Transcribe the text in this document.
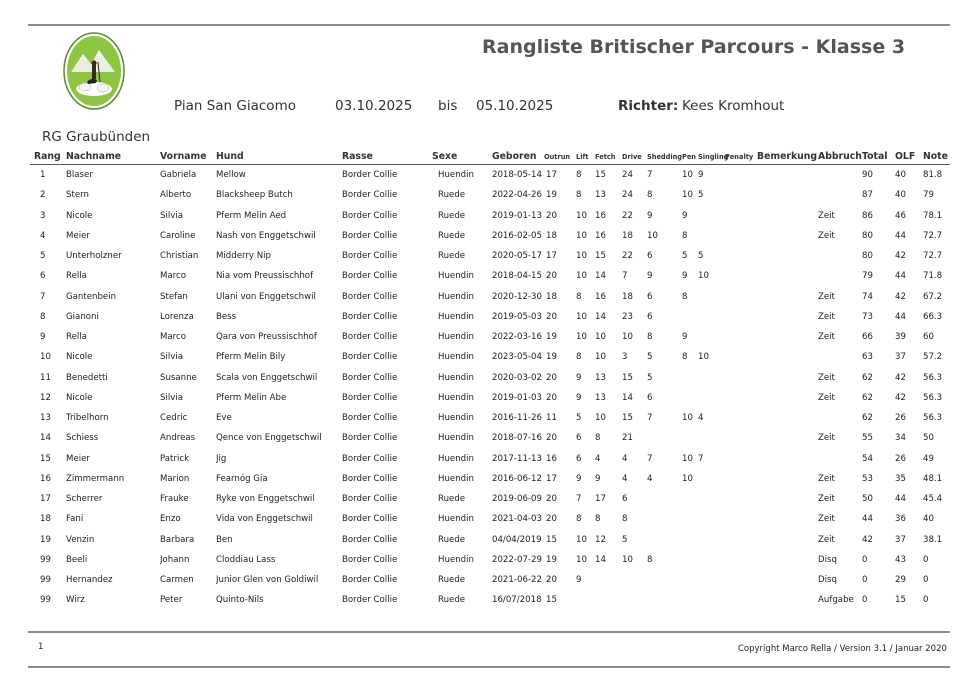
Rangliste Britischer Parcours - Klasse 3
Pian San Giacomo	03.10.2025 bis 05.10.2025	Richter: Kees Kromhout
RG Graubünden
Rang	Nachname	Vorname	Hund	Rasse	Sexe	Geboren	Outrun	Lift	Fetch	Drive	Shedding	Pen	Singling	Penalty	Bemerkung	Abbruch	Total	OLF	Note
1	Blaser	Gabriela	Mellow	Border Collie	Huendin	2018-05-14	17	8	15	24	7	10	9				90	40	81.8
2	Stern	Alberto	Blacksheep Butch	Border Collie	Ruede	2022-04-26	19	8	13	24	8	10	5				87	40	79
3	Nicole	Silvia	Pferm Melin Aed	Border Collie	Ruede	2019-01-13	20	10	16	22	9	9				Zeit	86	46	78.1
4	Meier	Caroline	Nash von Enggetschwil	Border Collie	Ruede	2016-02-05	18	10	16	18	10	8				Zeit	80	44	72.7
5	Unterholzner	Christian	Midderry Nip	Border Collie	Ruede	2020-05-17	17	10	15	22	6	5	5				80	42	72.7
6	Rella	Marco	Nia vom Preussischhof	Border Collie	Huendin	2018-04-15	20	10	14	7	9	9	10				79	44	71.8
7	Gantenbein	Stefan	Ulani von Enggetschwil	Border Collie	Huendin	2020-12-30	18	8	16	18	6	8				Zeit	74	42	67.2
8	Gianoni	Lorenza	Bess	Border Collie	Huendin	2019-05-03	20	10	14	23	6					Zeit	73	44	66.3
9	Rella	Marco	Qara von Preussischhof	Border Collie	Huendin	2022-03-16	19	10	10	10	8	9				Zeit	66	39	60
10	Nicole	Silvia	Pferm Melin Bily	Border Collie	Huendin	2023-05-04	19	8	10	3	5	8	10				63	37	57.2
11	Benedetti	Susanne	Scala von Enggetschwil	Border Collie	Huendin	2020-03-02	20	9	13	15	5					Zeit	62	42	56.3
12	Nicole	Silvia	Pferm Melin Abe	Border Collie	Huendin	2019-01-03	20	9	13	14	6					Zeit	62	42	56.3
13	Tribelhorn	Cedric	Eve	Border Collie	Huendin	2016-11-26	11	5	10	15	7	10	4				62	26	56.3
14	Schiess	Andreas	Qence von Enggetschwil	Border Collie	Huendin	2018-07-16	20	6	8	21						Zeit	55	34	50
15	Meier	Patrick	Jig	Border Collie	Huendin	2017-11-13	16	6	4	4	7	10	7				54	26	49
16	Zimmermann	Marion	Fearnóg Gia	Border Collie	Huendin	2016-06-12	17	9	9	4	4	10				Zeit	53	35	48.1
17	Scherrer	Frauke	Ryke von Enggetschwil	Border Collie	Ruede	2019-06-09	20	7	17	6						Zeit	50	44	45.4
18	Fani	Enzo	Vida von Enggetschwil	Border Collie	Huendin	2021-04-03	20	8	8	8						Zeit	44	36	40
19	Venzin	Barbara	Ben	Border Collie	Ruede	04/04/2019	15	10	12	5						Zeit	42	37	38.1
99	Beeli	Johann	Cloddiau Lass	Border Collie	Huendin	2022-07-29	19	10	14	10	8					Disq	0	43	0
99	Hernandez	Carmen	Junior Glen von Goldiwil	Border Collie	Ruede	2021-06-22	20	9								Disq	0	29	0
99	Wirz	Peter	Quinto-Nils	Border Collie	Ruede	16/07/2018	15									Aufgabe	0	15	0
1	Copyright Marco Rella / Version 3.1 / Januar 2020
